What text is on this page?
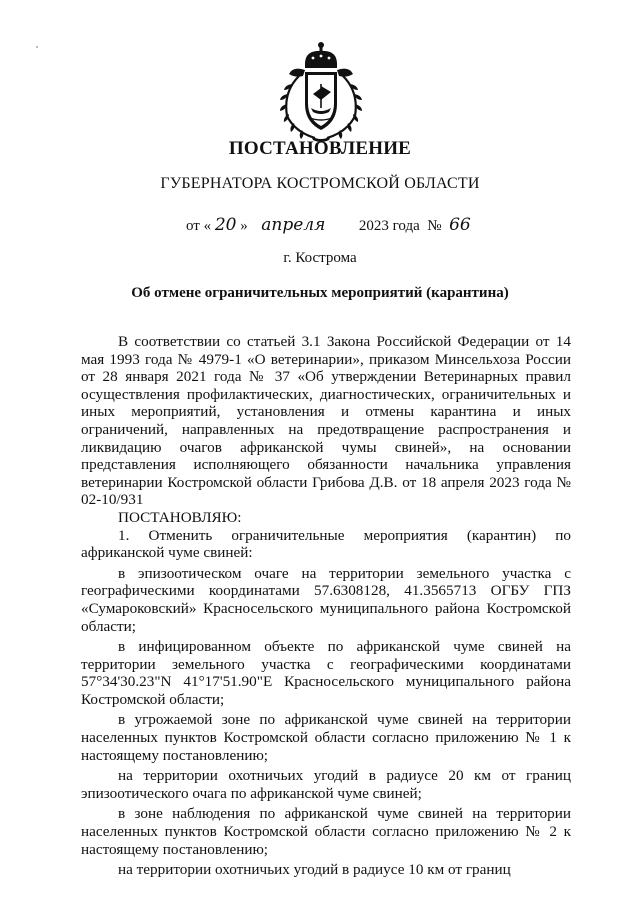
ПОСТАНОВЛЕНИЕ
ГУБЕРНАТОРА КОСТРОМСКОЙ ОБЛАСТИ
от « 20 » апреля 2023 года № 66
г. Кострома
Об отмене ограничительных мероприятий (карантина)

В соответствии со статьей 3.1 Закона Российской Федерации от 14 мая 1993 года № 4979-1 «О ветеринарии», приказом Минсельхоза России от 28 января 2021 года № 37 «Об утверждении Ветеринарных правил осуществления профилактических, диагностических, ограничительных и иных мероприятий, установления и отмены карантина и иных ограничений, направленных на предотвращение распространения и ликвидацию очагов африканской чумы свиней», на основании представления исполняющего обязанности начальника управления ветеринарии Костромской области Грибова Д.В. от 18 апреля 2023 года № 02-10/931

ПОСТАНОВЛЯЮ:

1. Отменить ограничительные мероприятия (карантин) по африканской чуме свиней:

в эпизоотическом очаге на территории земельного участка с географическими координатами 57.6308128, 41.3565713 ОГБУ ГПЗ «Сумароковский» Красносельского муниципального района Костромской области;

в инфицированном объекте по африканской чуме свиней на территории земельного участка с географическими координатами 57°34'30.23"N 41°17'51.90"E Красносельского муниципального района Костромской области;

в угрожаемой зоне по африканской чуме свиней на территории населенных пунктов Костромской области согласно приложению № 1 к настоящему постановлению;

на территории охотничьих угодий в радиусе 20 км от границ эпизоотического очага по африканской чуме свиней;

в зоне наблюдения по африканской чуме свиней на территории населенных пунктов Костромской области согласно приложению № 2 к настоящему постановлению;

на территории охотничьих угодий в радиусе 10 км от границ
